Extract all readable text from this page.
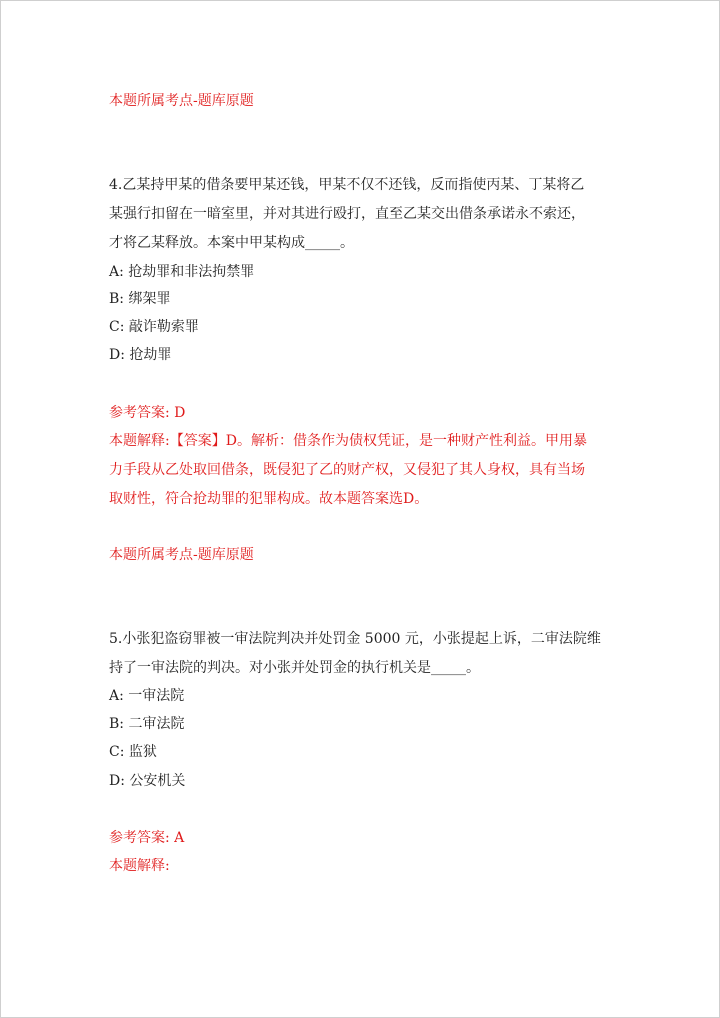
本题所属考点-题库原题
4.乙某持甲某的借条要甲某还钱，甲某不仅不还钱，反而指使丙某、丁某将乙
某强行扣留在一暗室里，并对其进行殴打，直至乙某交出借条承诺永不索还，
才将乙某释放。本案中甲某构成_____。
A: 抢劫罪和非法拘禁罪
B: 绑架罪
C: 敲诈勒索罪
D: 抢劫罪
参考答案: D
本题解释:【答案】D。解析：借条作为债权凭证，是一种财产性利益。甲用暴
力手段从乙处取回借条，既侵犯了乙的财产权，又侵犯了其人身权，具有当场
取财性，符合抢劫罪的犯罪构成。故本题答案选D。
本题所属考点-题库原题
5.小张犯盗窃罪被一审法院判决并处罚金 5000 元，小张提起上诉，二审法院维
持了一审法院的判决。对小张并处罚金的执行机关是_____。
A: 一审法院
B: 二审法院
C: 监狱
D: 公安机关
参考答案: A
本题解释:
